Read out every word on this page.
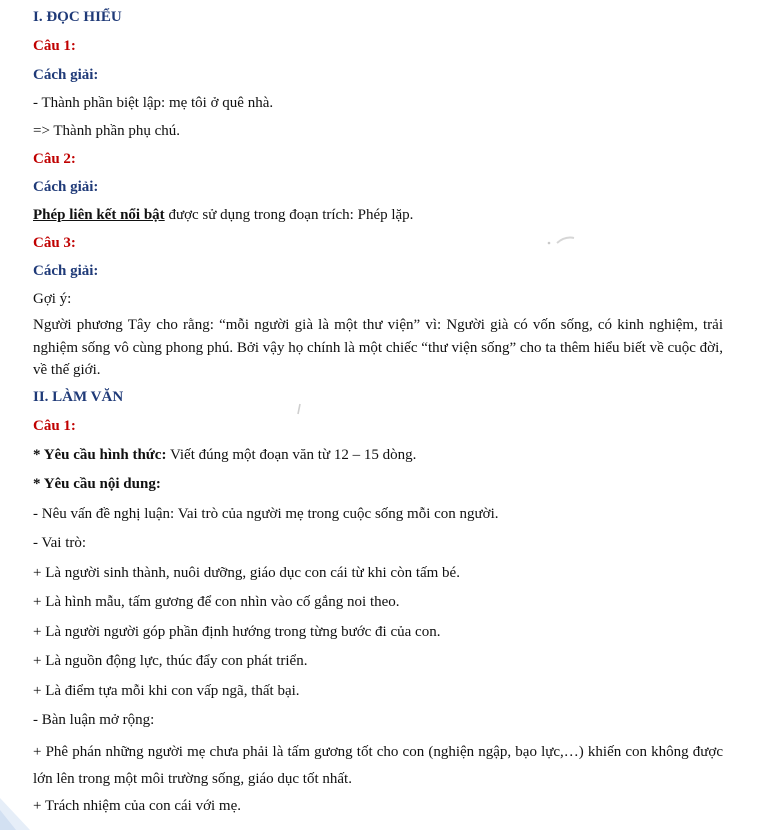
I. ĐỌC HIỂU
Câu 1:
Cách giải:
- Thành phần biệt lập: mẹ tôi ở quê nhà.
=> Thành phần phụ chú.
Câu 2:
Cách giải:
Phép liên kết nổi bật được sử dụng trong đoạn trích: Phép lặp.
Câu 3:
Cách giải:
Gợi ý:
Người phương Tây cho rằng: “mỗi người già là một thư viện” vì: Người già có vốn sống, có kinh nghiệm, trải nghiệm sống vô cùng phong phú. Bởi vậy họ chính là một chiếc “thư viện sống” cho ta thêm hiểu biết về cuộc đời, về thế giới.
II. LÀM VĂN
Câu 1:
* Yêu cầu hình thức: Viết đúng một đoạn văn từ 12 – 15 dòng.
* Yêu cầu nội dung:
- Nêu vấn đề nghị luận: Vai trò của người mẹ trong cuộc sống mỗi con người.
- Vai trò:
+ Là người sinh thành, nuôi dưỡng, giáo dục con cái từ khi còn tấm bé.
+ Là hình mẫu, tấm gương để con nhìn vào cố gắng noi theo.
+ Là người người góp phần định hướng trong từng bước đi của con.
+ Là nguồn động lực, thúc đẩy con phát triển.
+ Là điểm tựa mỗi khi con vấp ngã, thất bại.
- Bàn luận mở rộng:
+ Phê phán những người mẹ chưa phải là tấm gương tốt cho con (nghiện ngập, bạo lực,…) khiến con không được lớn lên trong một môi trường sống, giáo dục tốt nhất.
+ Trách nhiệm của con cái với mẹ.
